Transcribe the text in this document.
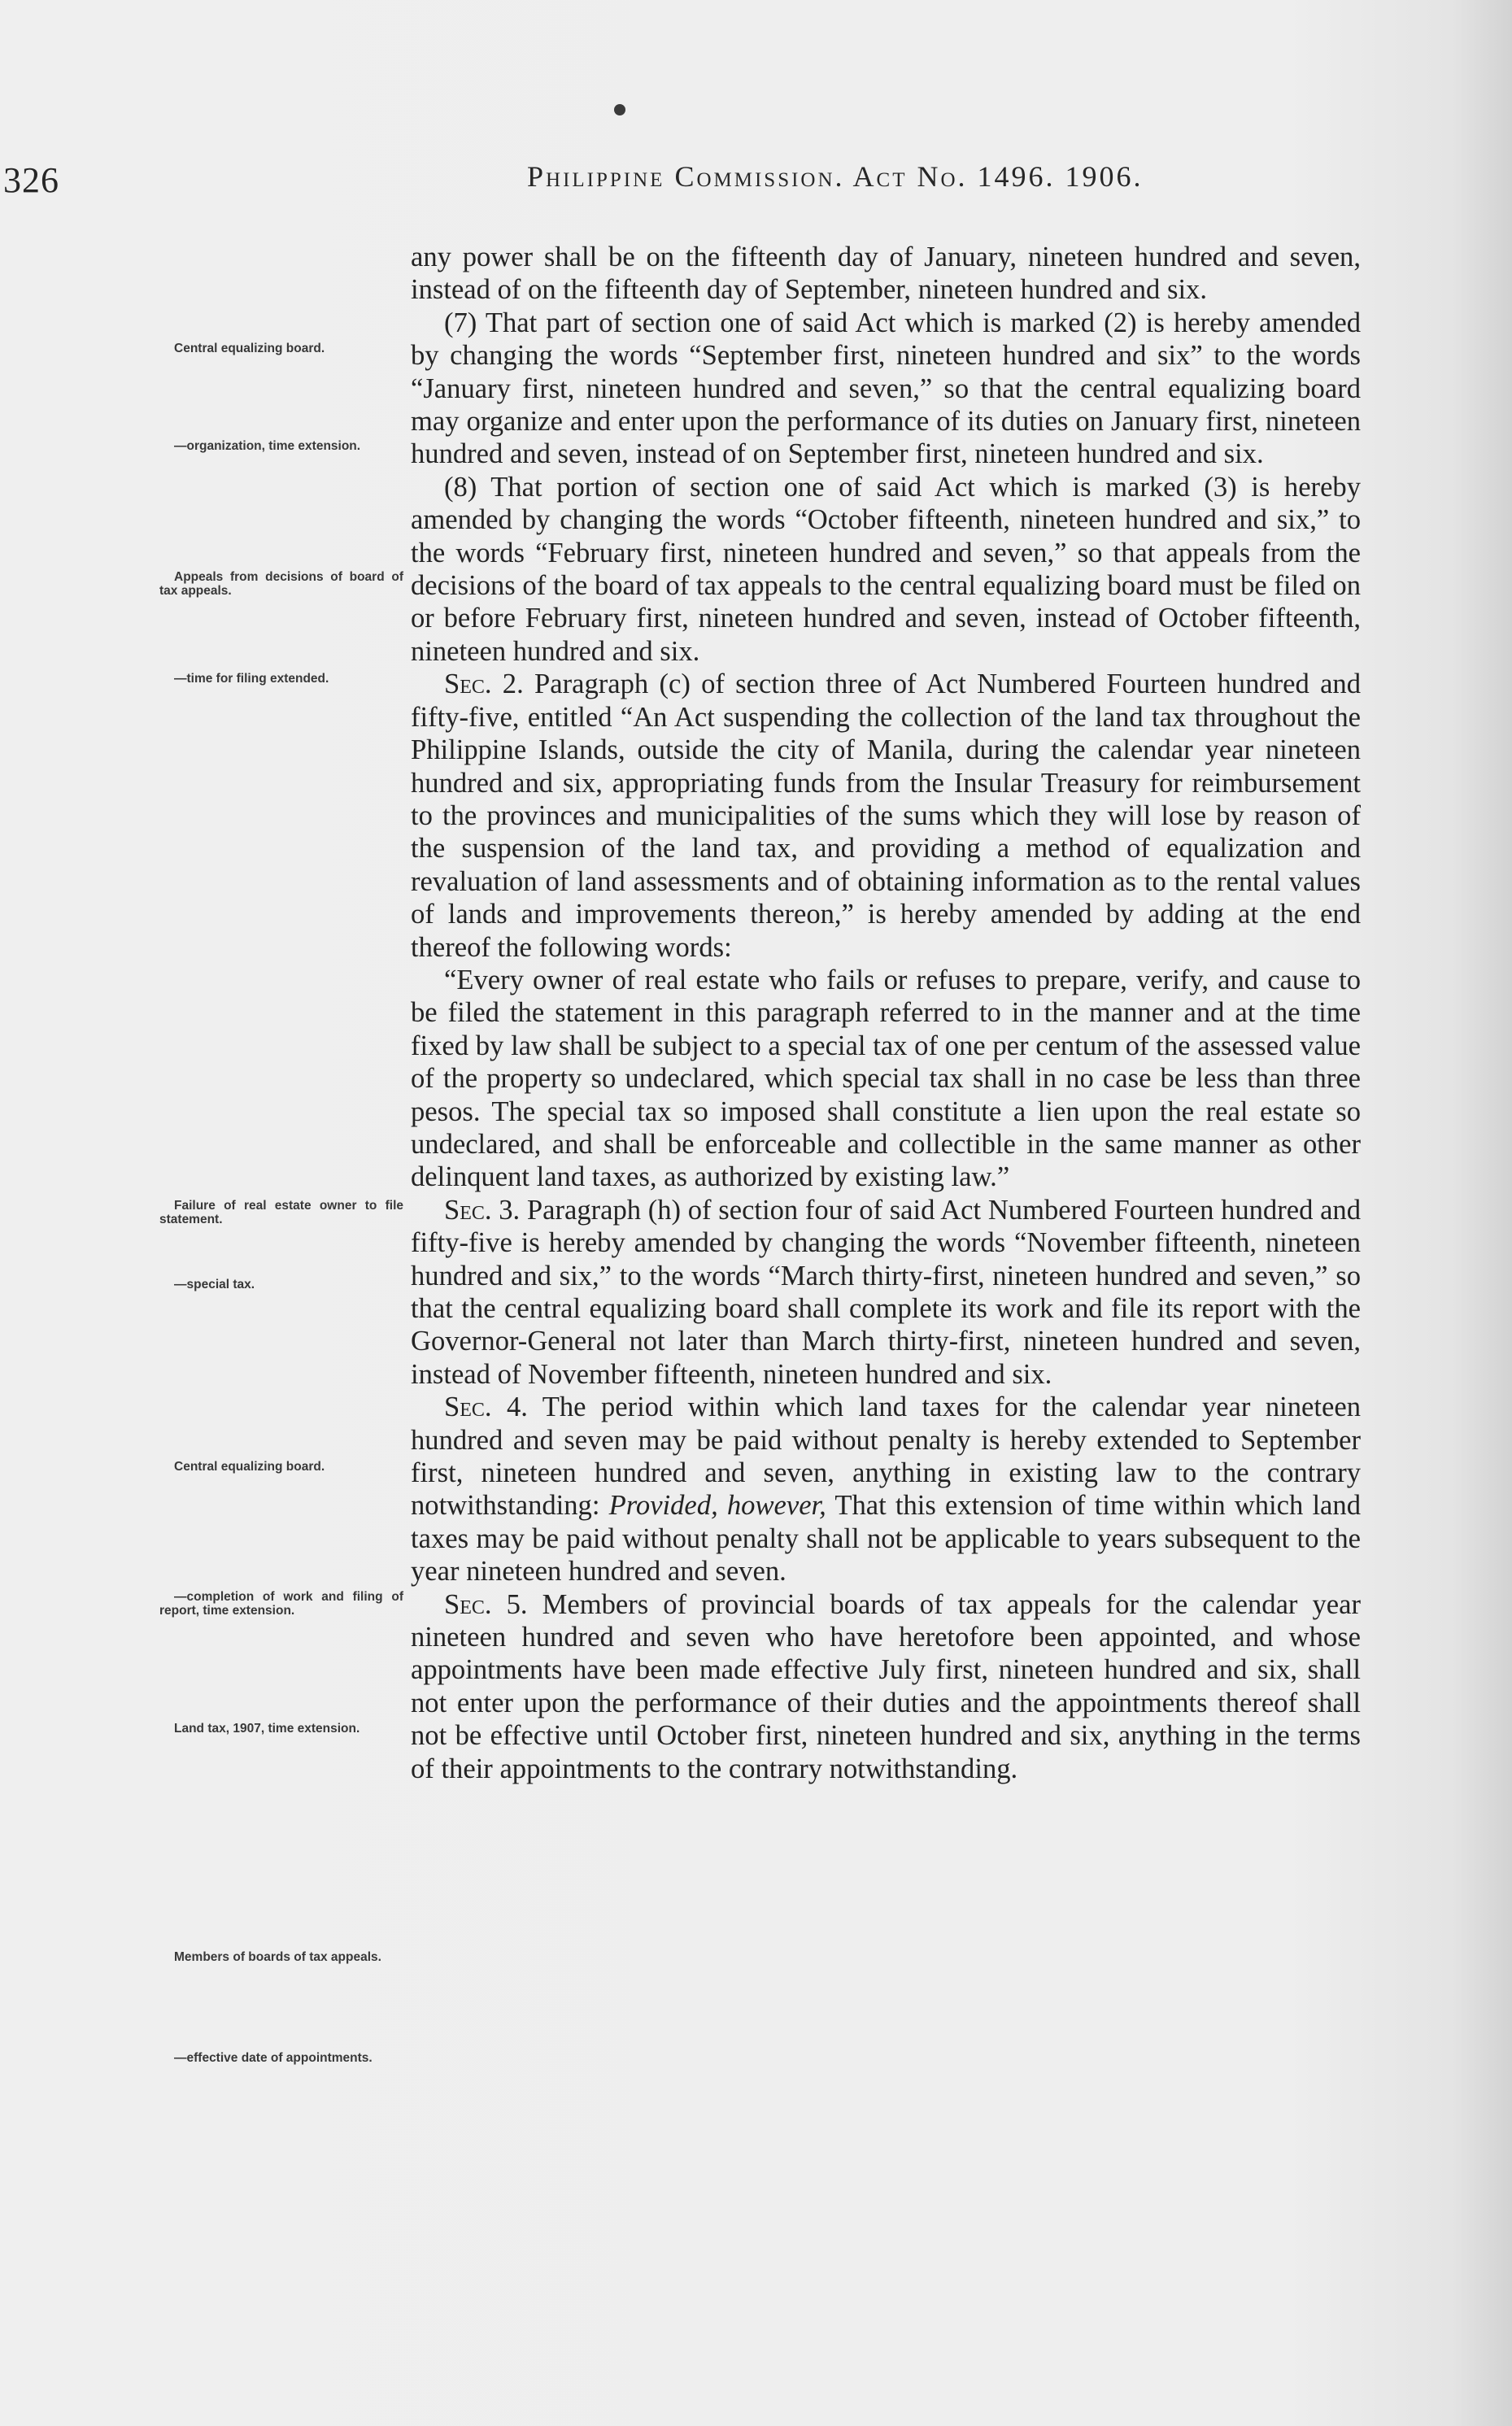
326	Philippine Commission. Act No. 1496. 1906.
Central equalizing board.
—organization, time extension.
Appeals from decisions of board of tax appeals.
—time for filing extended.
Failure of real estate owner to file statement.
—special tax.
Central equalizing board.
—completion of work and filing of report, time extension.
Land tax, 1907, time extension.
Members of boards of tax appeals.
—effective date of appointments.

any power shall be on the fifteenth day of January, nineteen hundred and seven, instead of on the fifteenth day of September, nineteen hundred and six.

(7) That part of section one of said Act which is marked (2) is hereby amended by changing the words “September first, nineteen hundred and six” to the words “January first, nineteen hundred and seven,” so that the central equalizing board may organize and enter upon the performance of its duties on January first, nineteen hundred and seven, instead of on September first, nineteen hundred and six.

(8) That portion of section one of said Act which is marked (3) is hereby amended by changing the words “October fifteenth, nineteen hundred and six,” to the words “February first, nineteen hundred and seven,” so that appeals from the decisions of the board of tax appeals to the central equalizing board must be filed on or before February first, nineteen hundred and seven, instead of October fifteenth, nineteen hundred and six.

Sec. 2. Paragraph (c) of section three of Act Numbered Fourteen hundred and fifty-five, entitled “An Act suspending the collection of the land tax throughout the Philippine Islands, outside the city of Manila, during the calendar year nineteen hundred and six, appropriating funds from the Insular Treasury for reimbursement to the provinces and municipalities of the sums which they will lose by reason of the suspension of the land tax, and providing a method of equalization and revaluation of land assessments and of obtaining information as to the rental values of lands and improvements thereon,” is hereby amended by adding at the end thereof the following words:

“Every owner of real estate who fails or refuses to prepare, verify, and cause to be filed the statement in this paragraph referred to in the manner and at the time fixed by law shall be subject to a special tax of one per centum of the assessed value of the property so undeclared, which special tax shall in no case be less than three pesos. The special tax so imposed shall constitute a lien upon the real estate so undeclared, and shall be enforceable and collectible in the same manner as other delinquent land taxes, as authorized by existing law.”

Sec. 3. Paragraph (h) of section four of said Act Numbered Fourteen hundred and fifty-five is hereby amended by changing the words “November fifteenth, nineteen hundred and six,” to the words “March thirty-first, nineteen hundred and seven,” so that the central equalizing board shall complete its work and file its report with the Governor-General not later than March thirty-first, nineteen hundred and seven, instead of November fifteenth, nineteen hundred and six.

Sec. 4. The period within which land taxes for the calendar year nineteen hundred and seven may be paid without penalty is hereby extended to September first, nineteen hundred and seven, anything in existing law to the contrary notwithstanding: Provided, however, That this extension of time within which land taxes may be paid without penalty shall not be applicable to years subsequent to the year nineteen hundred and seven.

Sec. 5. Members of provincial boards of tax appeals for the calendar year nineteen hundred and seven who have heretofore been appointed, and whose appointments have been made effective July first, nineteen hundred and six, shall not enter upon the performance of their duties and the appointments thereof shall not be effective until October first, nineteen hundred and six, anything in the terms of their appointments to the contrary notwithstanding.
